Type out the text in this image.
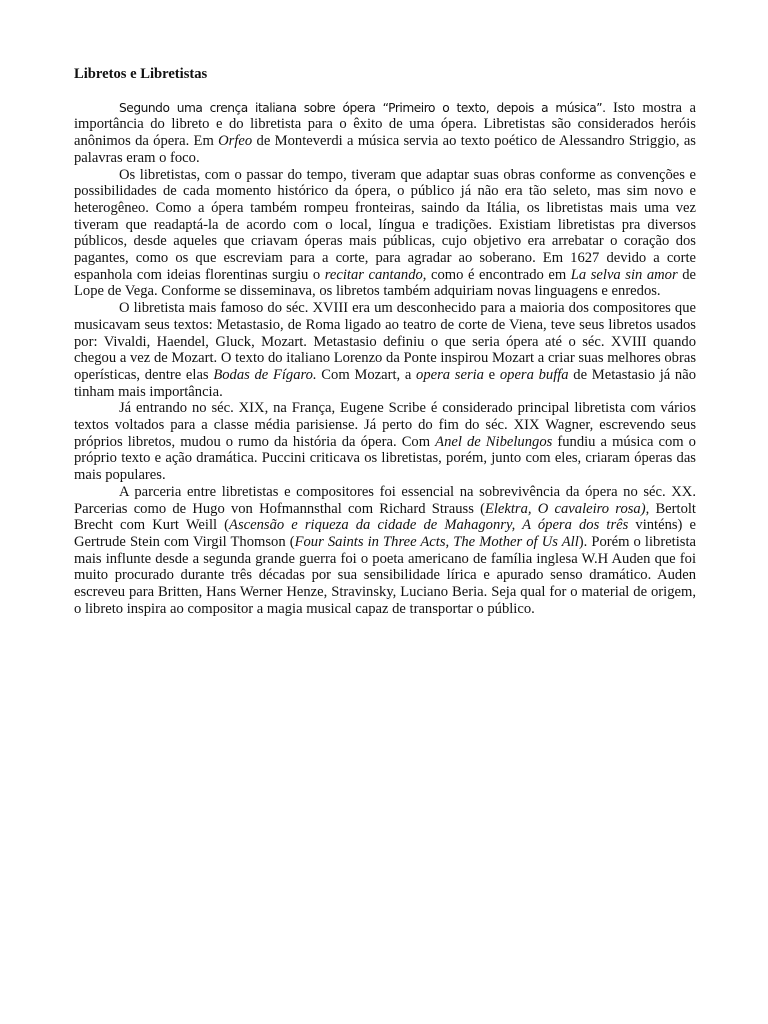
Libretos e Libretistas

Segundo uma crença italiana sobre ópera “Primeiro o texto, depois a música”. Isto mostra a importância do libreto e do libretista para o êxito de uma ópera. Libretistas são considerados heróis anônimos da ópera. Em Orfeo de Monteverdi a música servia ao texto poético de Alessandro Striggio, as palavras eram o foco.

Os libretistas, com o passar do tempo, tiveram que adaptar suas obras conforme as convenções e possibilidades de cada momento histórico da ópera, o público já não era tão seleto, mas sim novo e heterogêneo. Como a ópera também rompeu fronteiras, saindo da Itália, os libretistas mais uma vez tiveram que readaptá-la de acordo com o local, língua e tradições. Existiam libretistas pra diversos públicos, desde aqueles que criavam óperas mais públicas, cujo objetivo era arrebatar o coração dos pagantes, como os que escreviam para a corte, para agradar ao soberano. Em 1627 devido a corte espanhola com ideias florentinas surgiu o recitar cantando, como é encontrado em La selva sin amor de Lope de Vega. Conforme se disseminava, os libretos também adquiriam novas linguagens e enredos.

O libretista mais famoso do séc. XVIII era um desconhecido para a maioria dos compositores que musicavam seus textos: Metastasio, de Roma ligado ao teatro de corte de Viena, teve seus libretos usados por: Vivaldi, Haendel, Gluck, Mozart. Metastasio definiu o que seria ópera até o séc. XVIII quando chegou a vez de Mozart. O texto do italiano Lorenzo da Ponte inspirou Mozart a criar suas melhores obras operísticas, dentre elas Bodas de Fígaro. Com Mozart, a opera seria e opera buffa de Metastasio já não tinham mais importância.

Já entrando no séc. XIX, na França, Eugene Scribe é considerado principal libretista com vários textos voltados para a classe média parisiense. Já perto do fim do séc. XIX Wagner, escrevendo seus próprios libretos, mudou o rumo da história da ópera. Com Anel de Nibelungos fundiu a música com o próprio texto e ação dramática. Puccini criticava os libretistas, porém, junto com eles, criaram óperas das mais populares.

A parceria entre libretistas e compositores foi essencial na sobrevivência da ópera no séc. XX. Parcerias como de Hugo von Hofmannsthal com Richard Strauss (Elektra, O cavaleiro rosa), Bertolt Brecht com Kurt Weill (Ascensão e riqueza da cidade de Mahagonry, A ópera dos três vinténs) e Gertrude Stein com Virgil Thomson (Four Saints in Three Acts, The Mother of Us All). Porém o libretista mais influnte desde a segunda grande guerra foi o poeta americano de família inglesa W.H Auden que foi muito procurado durante três décadas por sua sensibilidade lírica e apurado senso dramático. Auden escreveu para Britten, Hans Werner Henze, Stravinsky, Luciano Beria. Seja qual for o material de origem, o libreto inspira ao compositor a magia musical capaz de transportar o público.
